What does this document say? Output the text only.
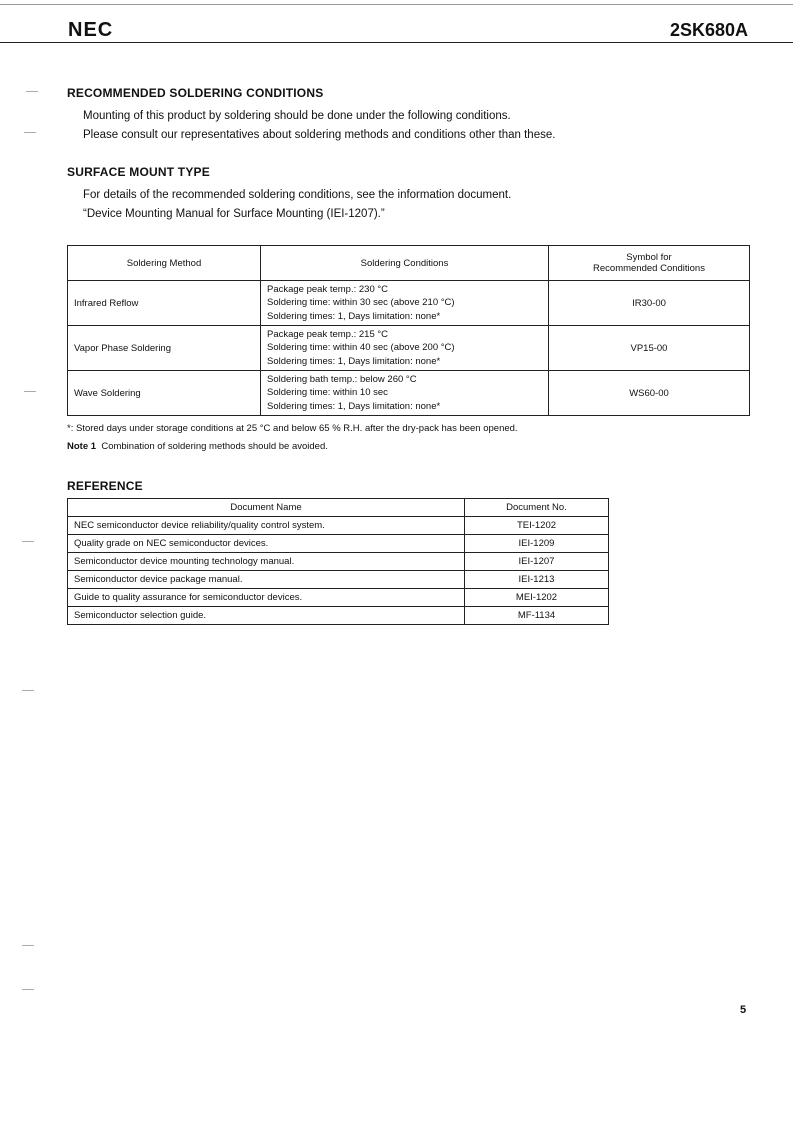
NEC	2SK680A
RECOMMENDED SOLDERING CONDITIONS
Mounting of this product by soldering should be done under the following conditions.
Please consult our representatives about soldering methods and conditions other than these.
SURFACE MOUNT TYPE
For details of the recommended soldering conditions, see the information document.
“Device Mounting Manual for Surface Mounting (IEI-1207).”
Soldering Method	Soldering Conditions	Symbol for
Recommended Conditions

Infrared Reflow	Package peak temp.: 230 °C
Soldering time: within 30 sec (above 210 °C)
Soldering times: 1, Days limitation: none*	IR30-00
Vapor Phase Soldering	Package peak temp.: 215 °C
Soldering time: within 40 sec (above 200 °C)
Soldering times: 1, Days limitation: none*	VP15-00
Wave Soldering	Soldering bath temp.: below 260 °C
Soldering time: within 10 sec
Soldering times: 1, Days limitation: none*	WS60-00
*: Stored days under storage conditions at 25 °C and below 65 % R.H. after the dry-pack has been opened.
Note 1 Combination of soldering methods should be avoided.
REFERENCE
Document Name	Document No.
NEC semiconductor device reliability/quality control system.	TEI-1202
Quality grade on NEC semiconductor devices.	IEI-1209
Semiconductor device mounting technology manual.	IEI-1207
Semiconductor device package manual.	IEI-1213
Guide to quality assurance for semiconductor devices.	MEI-1202
Semiconductor selection guide.	MF-1134
5
